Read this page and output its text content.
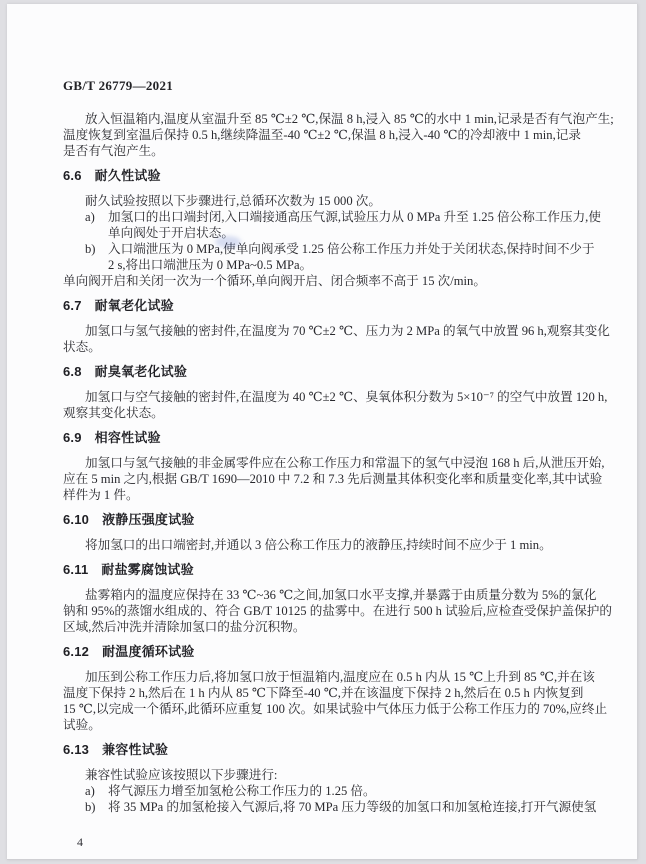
GB/T 26779—2021
放入恒温箱内,温度从室温升至 85 ℃±2 ℃,保温 8 h,浸入 85 ℃的水中 1 min,记录是否有气泡产生;
温度恢复到室温后保持 0.5 h,继续降温至-40 ℃±2 ℃,保温 8 h,浸入-40 ℃的冷却液中 1 min,记录
是否有气泡产生。
6.6 耐久性试验
耐久试验按照以下步骤进行,总循环次数为 15 000 次。
a) 加氢口的出口端封闭,入口端接通高压气源,试验压力从 0 MPa 升至 1.25 倍公称工作压力,使
单向阀处于开启状态。
b) 入口端泄压为 0 MPa,使单向阀承受 1.25 倍公称工作压力并处于关闭状态,保持时间不少于
2 s,将出口端泄压为 0 MPa~0.5 MPa。
单向阀开启和关闭一次为一个循环,单向阀开启、闭合频率不高于 15 次/min。
6.7 耐氧老化试验
加氢口与氢气接触的密封件,在温度为 70 ℃±2 ℃、压力为 2 MPa 的氧气中放置 96 h,观察其变化
状态。
6.8 耐臭氧老化试验
加氢口与空气接触的密封件,在温度为 40 ℃±2 ℃、臭氧体积分数为 5×10⁻⁷ 的空气中放置 120 h,
观察其变化状态。
6.9 相容性试验
加氢口与氢气接触的非金属零件应在公称工作压力和常温下的氢气中浸泡 168 h 后,从泄压开始,
应在 5 min 之内,根据 GB/T 1690—2010 中 7.2 和 7.3 先后测量其体积变化率和质量变化率,其中试验
样件为 1 件。
6.10 液静压强度试验
将加氢口的出口端密封,并通以 3 倍公称工作压力的液静压,持续时间不应少于 1 min。
6.11 耐盐雾腐蚀试验
盐雾箱内的温度应保持在 33 ℃~36 ℃之间,加氢口水平支撑,并暴露于由质量分数为 5%的氯化
钠和 95%的蒸馏水组成的、符合 GB/T 10125 的盐雾中。在进行 500 h 试验后,应检查受保护盖保护的
区域,然后冲洗并清除加氢口的盐分沉积物。
6.12 耐温度循环试验
加压到公称工作压力后,将加氢口放于恒温箱内,温度应在 0.5 h 内从 15 ℃上升到 85 ℃,并在该
温度下保持 2 h,然后在 1 h 内从 85 ℃下降至-40 ℃,并在该温度下保持 2 h,然后在 0.5 h 内恢复到
15 ℃,以完成一个循环,此循环应重复 100 次。如果试验中气体压力低于公称工作压力的 70%,应终止
试验。
6.13 兼容性试验
兼容性试验应该按照以下步骤进行:
a) 将气源压力增至加氢枪公称工作压力的 1.25 倍。
b) 将 35 MPa 的加氢枪接入气源后,将 70 MPa 压力等级的加氢口和加氢枪连接,打开气源使氢
4
